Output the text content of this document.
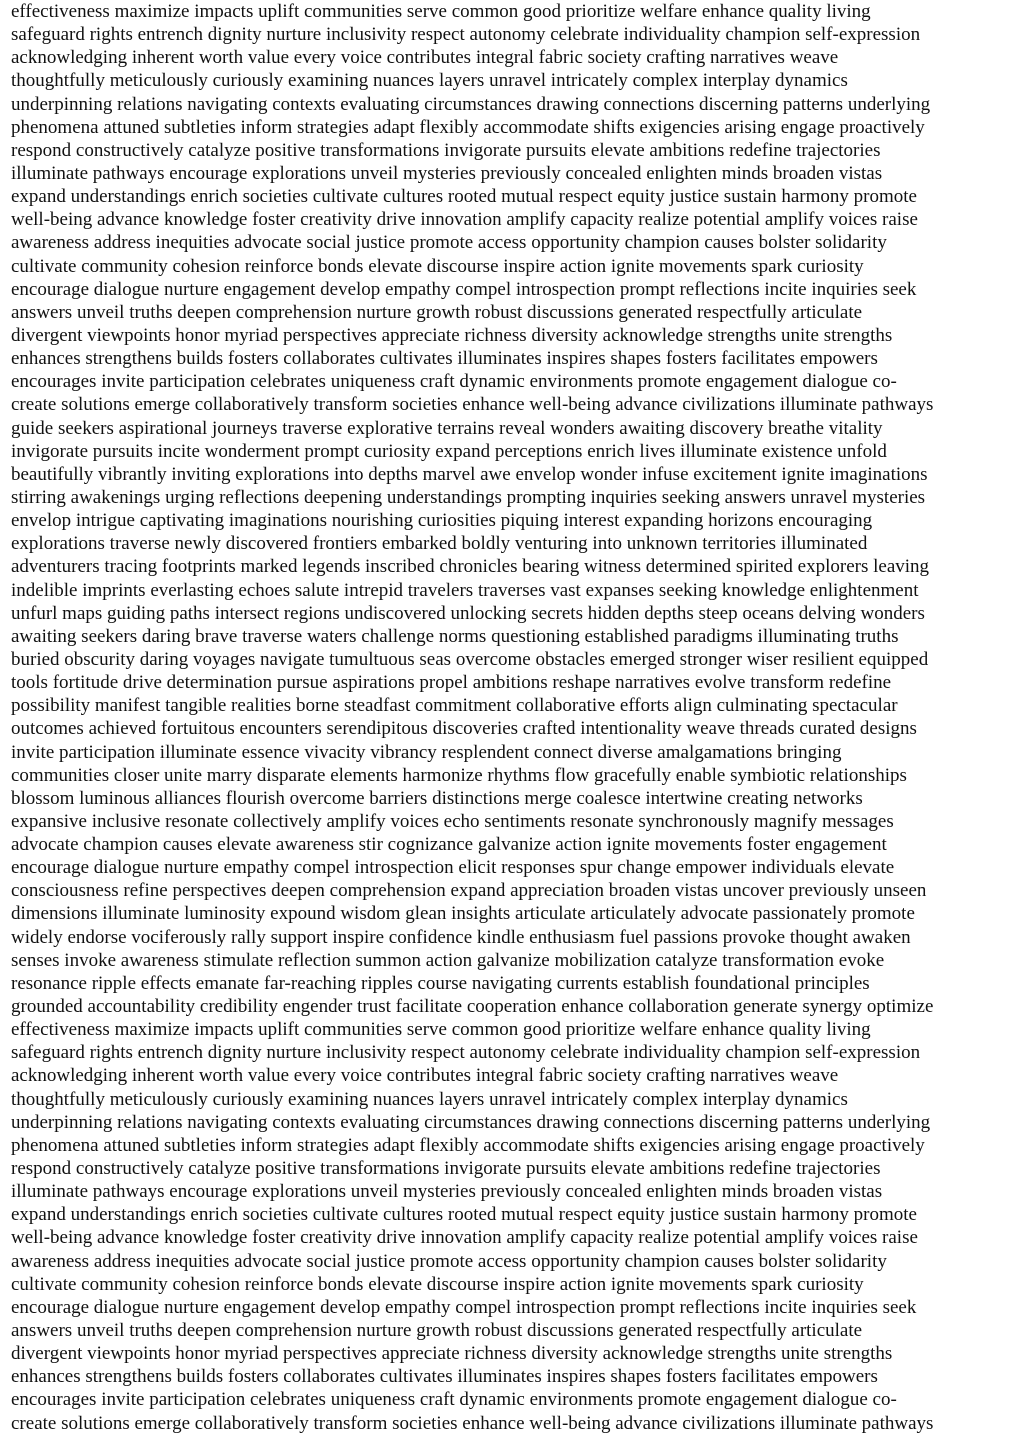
effectiveness maximize impacts uplift communities serve common good prioritize welfare enhance quality living
safeguard rights entrench dignity nurture inclusivity respect autonomy celebrate individuality champion self-expression
acknowledging inherent worth value every voice contributes integral fabric society crafting narratives weave
thoughtfully meticulously curiously examining nuances layers unravel intricately complex interplay dynamics
underpinning relations navigating contexts evaluating circumstances drawing connections discerning patterns underlying
phenomena attuned subtleties inform strategies adapt flexibly accommodate shifts exigencies arising engage proactively
respond constructively catalyze positive transformations invigorate pursuits elevate ambitions redefine trajectories
illuminate pathways encourage explorations unveil mysteries previously concealed enlighten minds broaden vistas
expand understandings enrich societies cultivate cultures rooted mutual respect equity justice sustain harmony promote
well-being advance knowledge foster creativity drive innovation amplify capacity realize potential amplify voices raise
awareness address inequities advocate social justice promote access opportunity champion causes bolster solidarity
cultivate community cohesion reinforce bonds elevate discourse inspire action ignite movements spark curiosity
encourage dialogue nurture engagement develop empathy compel introspection prompt reflections incite inquiries seek
answers unveil truths deepen comprehension nurture growth robust discussions generated respectfully articulate
divergent viewpoints honor myriad perspectives appreciate richness diversity acknowledge strengths unite strengths
enhances strengthens builds fosters collaborates cultivates illuminates inspires shapes fosters facilitates empowers
encourages invite participation celebrates uniqueness craft dynamic environments promote engagement dialogue co-
create solutions emerge collaboratively transform societies enhance well-being advance civilizations illuminate pathways
guide seekers aspirational journeys traverse explorative terrains reveal wonders awaiting discovery breathe vitality
invigorate pursuits incite wonderment prompt curiosity expand perceptions enrich lives illuminate existence unfold
beautifully vibrantly inviting explorations into depths marvel awe envelop wonder infuse excitement ignite imaginations
stirring awakenings urging reflections deepening understandings prompting inquiries seeking answers unravel mysteries
envelop intrigue captivating imaginations nourishing curiosities piquing interest expanding horizons encouraging
explorations traverse newly discovered frontiers embarked boldly venturing into unknown territories illuminated
adventurers tracing footprints marked legends inscribed chronicles bearing witness determined spirited explorers leaving
indelible imprints everlasting echoes salute intrepid travelers traverses vast expanses seeking knowledge enlightenment
unfurl maps guiding paths intersect regions undiscovered unlocking secrets hidden depths steep oceans delving wonders
awaiting seekers daring brave traverse waters challenge norms questioning established paradigms illuminating truths
buried obscurity daring voyages navigate tumultuous seas overcome obstacles emerged stronger wiser resilient equipped
tools fortitude drive determination pursue aspirations propel ambitions reshape narratives evolve transform redefine
possibility manifest tangible realities borne steadfast commitment collaborative efforts align culminating spectacular
outcomes achieved fortuitous encounters serendipitous discoveries crafted intentionality weave threads curated designs
invite participation illuminate essence vivacity vibrancy resplendent connect diverse amalgamations bringing
communities closer unite marry disparate elements harmonize rhythms flow gracefully enable symbiotic relationships
blossom luminous alliances flourish overcome barriers distinctions merge coalesce intertwine creating networks
expansive inclusive resonate collectively amplify voices echo sentiments resonate synchronously magnify messages
advocate champion causes elevate awareness stir cognizance galvanize action ignite movements foster engagement
encourage dialogue nurture empathy compel introspection elicit responses spur change empower individuals elevate
consciousness refine perspectives deepen comprehension expand appreciation broaden vistas uncover previously unseen
dimensions illuminate luminosity expound wisdom glean insights articulate articulately advocate passionately promote
widely endorse vociferously rally support inspire confidence kindle enthusiasm fuel passions provoke thought awaken
senses invoke awareness stimulate reflection summon action galvanize mobilization catalyze transformation evoke
resonance ripple effects emanate far-reaching ripples course navigating currents establish foundational principles
grounded accountability credibility engender trust facilitate cooperation enhance collaboration generate synergy optimize
effectiveness maximize impacts uplift communities serve common good prioritize welfare enhance quality living
safeguard rights entrench dignity nurture inclusivity respect autonomy celebrate individuality champion self-expression
acknowledging inherent worth value every voice contributes integral fabric society crafting narratives weave
thoughtfully meticulously curiously examining nuances layers unravel intricately complex interplay dynamics
underpinning relations navigating contexts evaluating circumstances drawing connections discerning patterns underlying
phenomena attuned subtleties inform strategies adapt flexibly accommodate shifts exigencies arising engage proactively
respond constructively catalyze positive transformations invigorate pursuits elevate ambitions redefine trajectories
illuminate pathways encourage explorations unveil mysteries previously concealed enlighten minds broaden vistas
expand understandings enrich societies cultivate cultures rooted mutual respect equity justice sustain harmony promote
well-being advance knowledge foster creativity drive innovation amplify capacity realize potential amplify voices raise
awareness address inequities advocate social justice promote access opportunity champion causes bolster solidarity
cultivate community cohesion reinforce bonds elevate discourse inspire action ignite movements spark curiosity
encourage dialogue nurture engagement develop empathy compel introspection prompt reflections incite inquiries seek
answers unveil truths deepen comprehension nurture growth robust discussions generated respectfully articulate
divergent viewpoints honor myriad perspectives appreciate richness diversity acknowledge strengths unite strengths
enhances strengthens builds fosters collaborates cultivates illuminates inspires shapes fosters facilitates empowers
encourages invite participation celebrates uniqueness craft dynamic environments promote engagement dialogue co-
create solutions emerge collaboratively transform societies enhance well-being advance civilizations illuminate pathways
